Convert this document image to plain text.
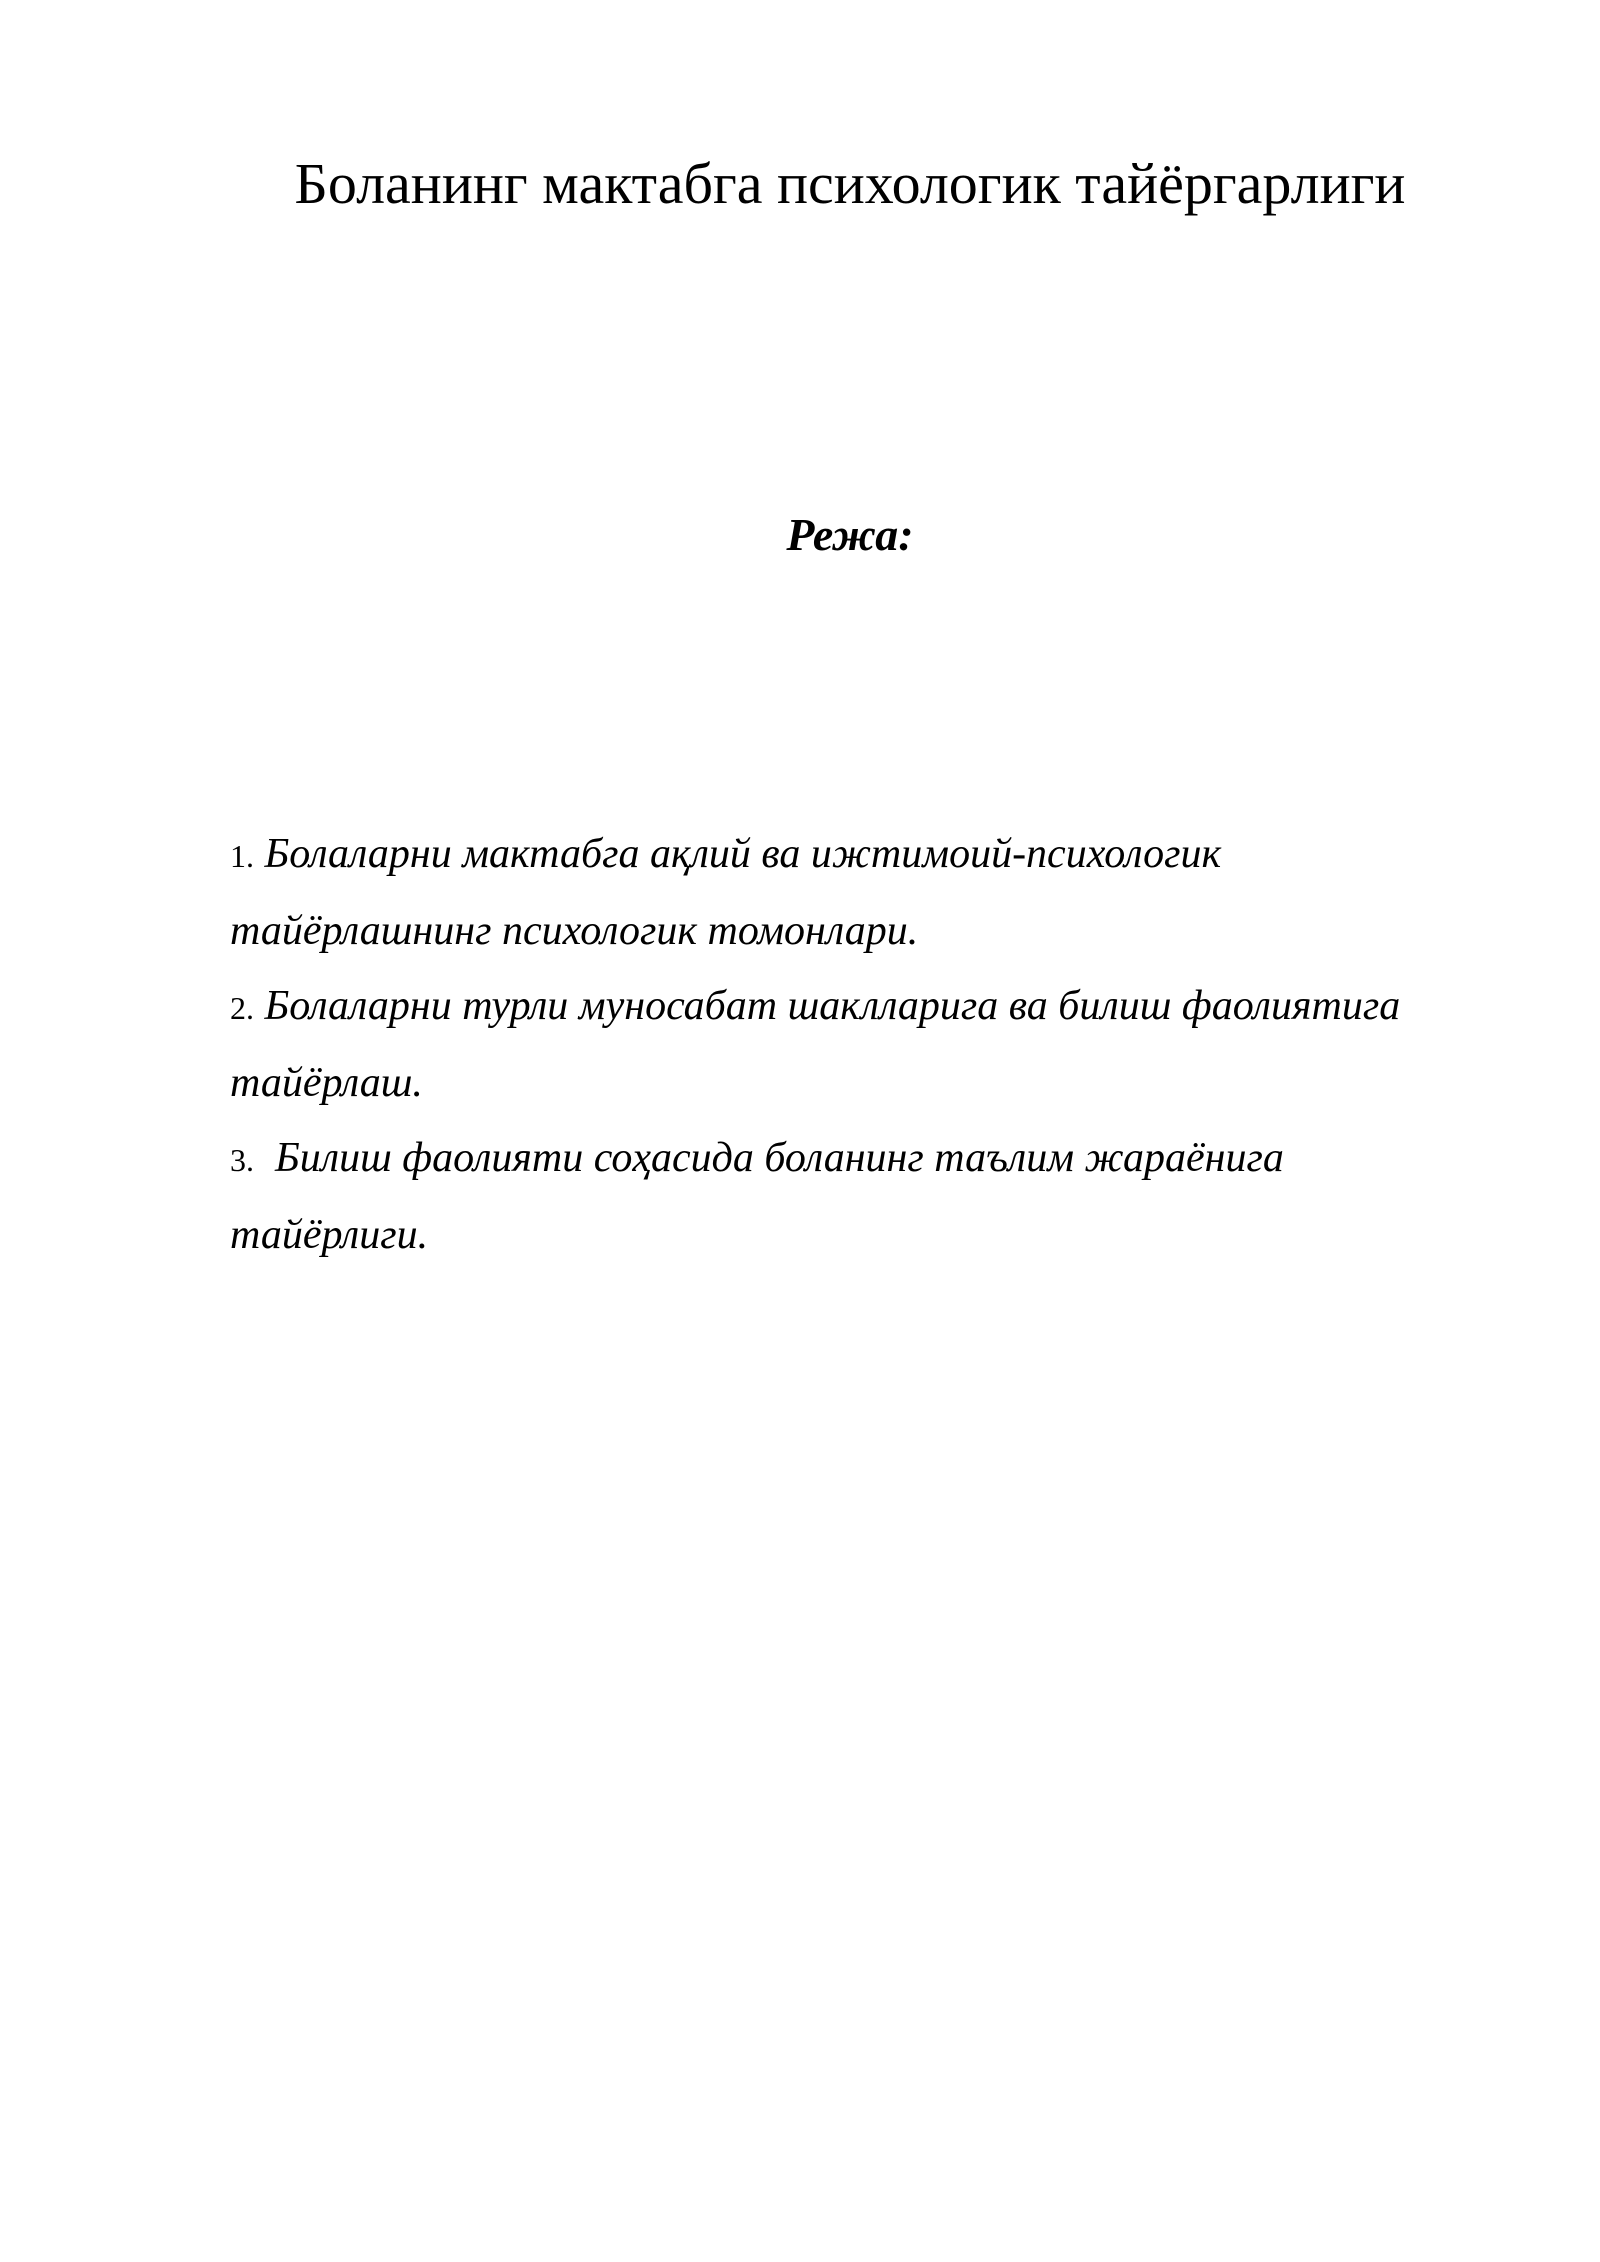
Боланинг мактабга психологик тайёргарлиги
Режа:
1. Болаларни мактабга ақлий ва ижтимоий-психологик
тайёрлашнинг психологик томонлари.
2. Болаларни турли муносабат шаклларига ва билиш фаолиятига
тайёрлаш.
3. Билиш фаолияти соҳасида боланинг таълим жараёнига
тайёрлиги.
